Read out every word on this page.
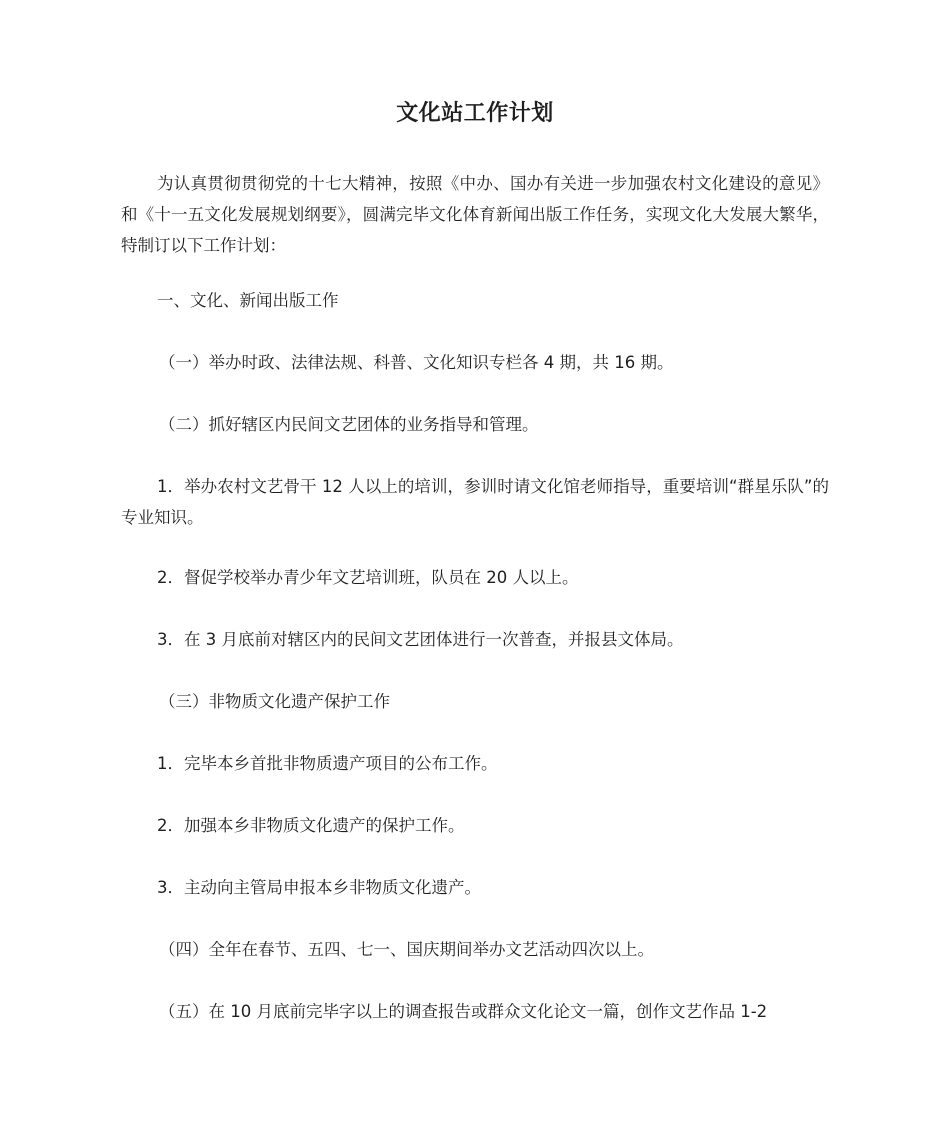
文化站工作计划
为认真贯彻贯彻党的十七大精神，按照《中办、国办有关进一步加强农村文化建设的意见》和《十一五文化发展规划纲要》，圆满完毕文化体育新闻出版工作任务，实现文化大发展大繁华，特制订以下工作计划：
一、文化、新闻出版工作
（一）举办时政、法律法规、科普、文化知识专栏各 4 期，共 16 期。
（二）抓好辖区内民间文艺团体的业务指导和管理。
1．举办农村文艺骨干 12 人以上的培训，参训时请文化馆老师指导，重要培训“群星乐队”的专业知识。
2．督促学校举办青少年文艺培训班，队员在 20 人以上。
3．在 3 月底前对辖区内的民间文艺团体进行一次普查，并报县文体局。
（三）非物质文化遗产保护工作
1．完毕本乡首批非物质遗产项目的公布工作。
2．加强本乡非物质文化遗产的保护工作。
3．主动向主管局申报本乡非物质文化遗产。
（四）全年在春节、五四、七一、国庆期间举办文艺活动四次以上。
（五）在 10 月底前完毕字以上的调查报告或群众文化论文一篇，创作文艺作品 1-2
